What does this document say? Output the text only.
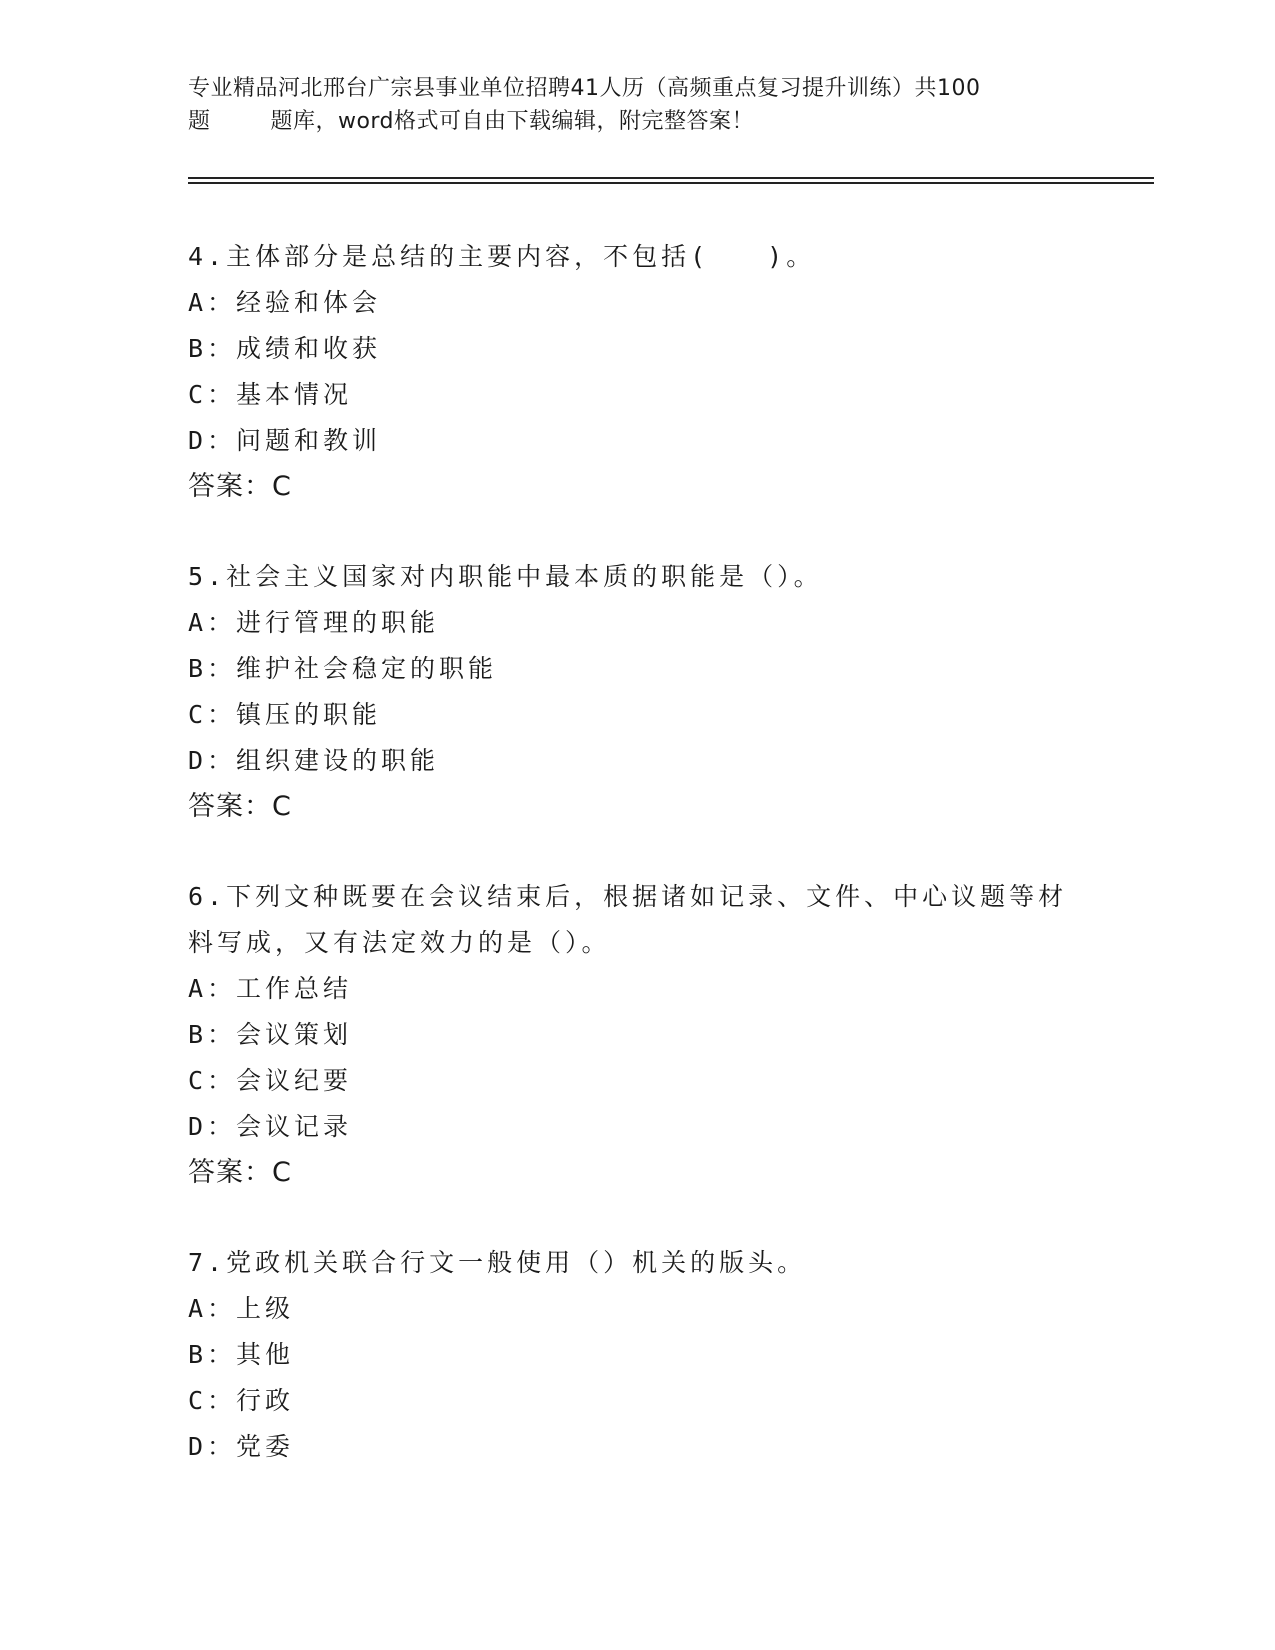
专业精品河北邢台广宗县事业单位招聘41人历（高频重点复习提升训练）共100
题        题库，word格式可自由下载编辑，附完整答案！

4.主体部分是总结的主要内容，不包括(　　)。

A：经验和体会

B：成绩和收获

C：基本情况

D：问题和教训

答案：C

5.社会主义国家对内职能中最本质的职能是（）。

A：进行管理的职能

B：维护社会稳定的职能

C：镇压的职能

D：组织建设的职能

答案：C

6.下列文种既要在会议结束后，根据诸如记录、文件、中心议题等材

料写成，又有法定效力的是（）。

A：工作总结

B：会议策划

C：会议纪要

D：会议记录

答案：C

7.党政机关联合行文一般使用（）机关的版头。

A：上级

B：其他

C：行政

D：党委
